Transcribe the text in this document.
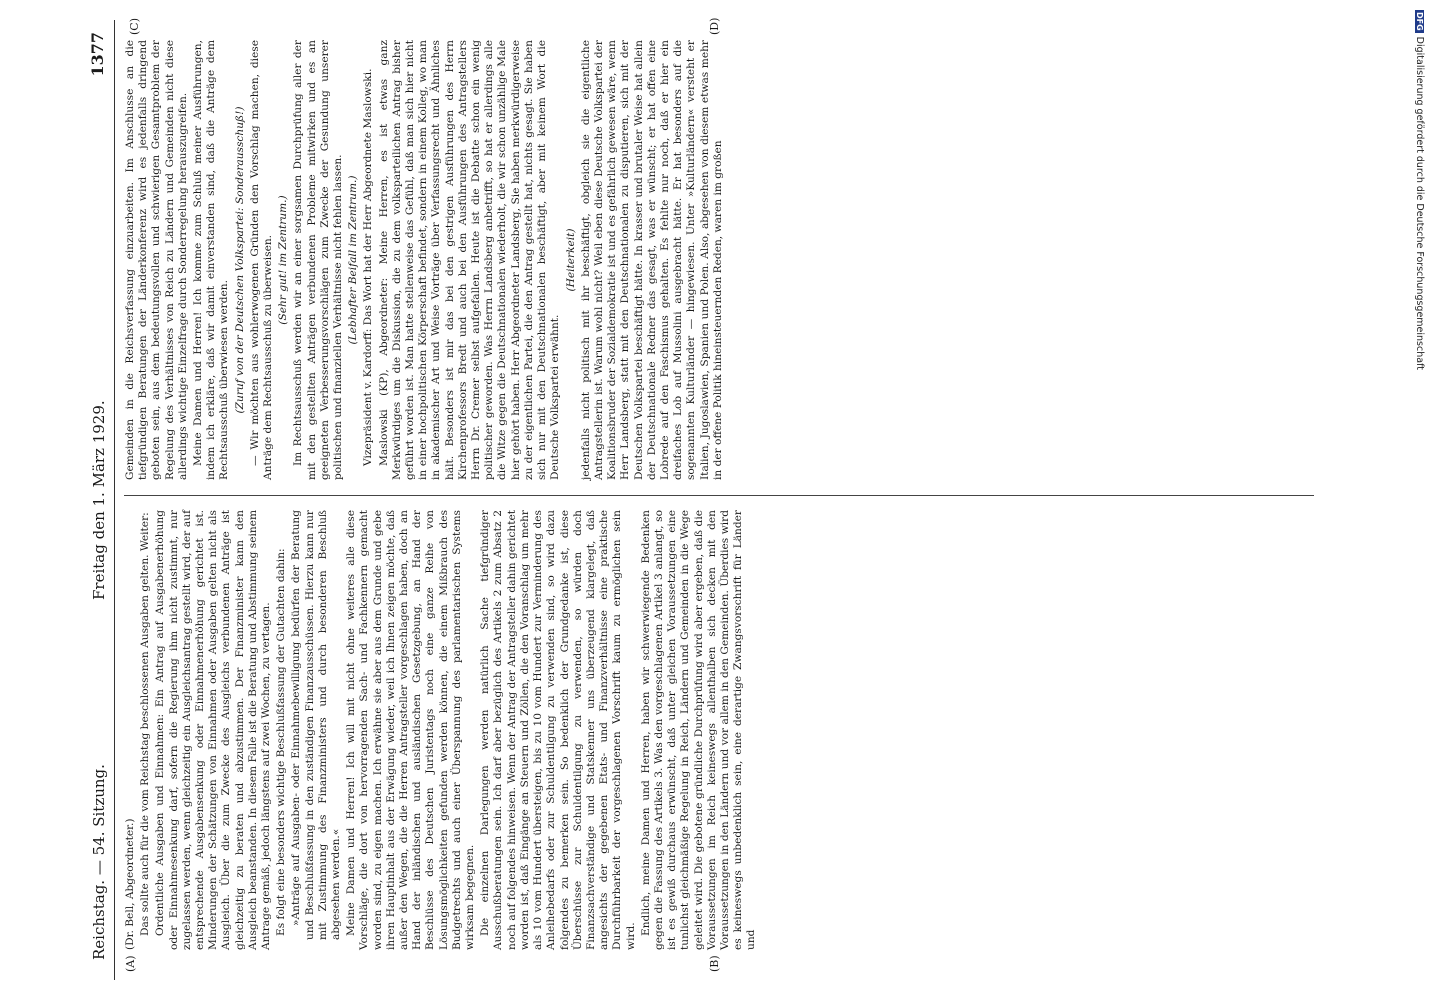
Reichstag. — 54. Sitzung.
Freitag den 1. März 1929.
1377

(Dr. Bell, Abgeordneter.) Das sollte auch für die vom Reichstag beschlossenen Ausgaben gelten. Weiter: Ordentliche Ausgaben und Einnahmen: Ein Antrag auf Ausgabenerhöhung oder Einnahmesenkung darf, sofern die Regierung ihm nicht zustimmt, nur zugelassen werden, wenn gleichzeitig ein Ausgleichsantrag gestellt wird, der auf entsprechende Ausgabensenkung oder Einnahmenerhöhung gerichtet ist. Minderungen der Schätzungen von Einnahmen oder Ausgaben gelten nicht als Ausgleich. Über die zum Zwecke des Ausgleichs verbundenen Anträge ist gleichzeitig zu beraten und abzustimmen. Der Finanzminister kann den Ausgleich beanstanden. In diesem Falle ist die Beratung und Abstimmung seinem Antrage gemäß, jedoch längstens auf zwei Wochen, zu vertagen. Es folgt eine besonders wichtige Beschlußfassung der Gutachten dahin: »Anträge auf Ausgaben- oder Einnahmebewilligung bedürfen der Beratung und Beschlußfassung in den zuständigen Finanzausschüssen. Hierzu kann nur mit Zustimmung des Finanzministers und durch besonderen Beschluß abgesehen werden.« Meine Damen und Herren! Ich will mit nicht ohne weiteres alle diese Vorschläge, die dort von hervorragenden Sach- und Fachkennern gemacht worden sind, zu eigen machen. Ich erwähne sie aber aus dem Grunde und gebe ihren Hauptinhalt aus der Erwägung wieder, weil ich Ihnen zeigen möchte, daß außer den Wegen, die die Herren Antragsteller vorgeschlagen haben, doch an Hand der inländischen und ausländischen Gesetzgebung, an Hand der Beschlüsse des Deutschen Juristentags noch eine ganze Reihe von Lösungsmöglichkeiten gefunden werden können, die einem Mißbrauch des Budgetrechts und auch einer Überspannung des parlamentarischen Systems wirksam begegnen. Die einzelnen Darlegungen werden natürlich Sache tiefgründiger Ausschußberatungen sein. Ich darf aber bezüglich des Artikels 2 zum Absatz 2 noch auf folgendes hinweisen. Wenn der Antrag der Antragsteller dahin gerichtet worden ist, daß Eingänge an Steuern und Zöllen, die den Voranschlag um mehr als 10 vom Hundert übersteigen, bis zu 10 vom Hundert zur Verminderung des Anleihebedarfs oder zur Schuldentilgung zu verwenden sind, so wird dazu folgendes zu bemerken sein. So bedenklich der Grundgedanke ist, diese Überschüsse zur Schuldentilgung zu verwenden, so würden doch Finanzsachverständige und Statskenner uns überzeugend klargelegt, daß angesichts der gegebenen Etats- und Finanzverhältnisse eine praktische Durchführbarkeit der vorgeschlagenen Vorschrift kaum zu ermöglichen sein wird.

Endlich, meine Damen und Herren, haben wir schwerwiegende Bedenken gegen die Fassung des Artikels 3. Was den vorgeschlagenen Artikel 3 anlangt, so ist es gewiß durchaus erwünscht, daß unter gleichen Voraussetzungen eine tunlichst gleichmäßige Regelung in Reich, Ländern und Gemeinden in die Wege geleitet wird. Die gebotene gründliche Durchprüfung wird aber ergeben, daß die Voraussetzungen im Reich keineswegs allenthalben sich decken mit den Voraussetzungen in den Ländern und vor allem in den Gemeinden. Überdies wird es keineswegs unbedenklich sein, eine derartige Zwangsvorschrift für Länder und

Gemeinden in die Reichsverfassung einzuarbeiten. Im Anschlusse an die tiefgründigen Beratungen der Länderkonferenz wird es jedenfalls dringend geboten sein, aus dem bedeutungsvollen und schwierigen Gesamtproblem der Regelung des Verhältnisses von Reich zu Ländern und Gemeinden nicht diese allerdings wichtige Einzelfrage durch Sonderregelung herauszugreifen. Meine Damen und Herren! Ich komme zum Schluß meiner Ausführungen, indem ich erkläre, daß wir damit einverstanden sind, daß die Anträge dem Rechtsausschuß überwiesen werden. (Zuruf von der Deutschen Volkspartei: Sonderausschuß!) — Wir möchten aus wohlerwogenen Gründen den Vorschlag machen, diese Anträge dem Rechtsausschuß zu überweisen. (Sehr gut! im Zentrum.) Im Rechtsausschuß werden wir an einer sorgsamen Durchprüfung aller der mit den gestellten Anträgen verbundenen Probleme mitwirken und es an geeigneten Verbesserungsvorschlägen zum Zwecke der Gesundung unserer politischen und finanziellen Verhältnisse nicht fehlen lassen. (Lebhafter Beifall im Zentrum.) Vizepräsident v. Kardorff: Das Wort hat der Herr Abgeordnete Maslowski. Maslowski (KP), Abgeordneter: Meine Herren, es ist etwas ganz Merkwürdiges um die Diskussion, die zu dem volksparteilichen Antrag bisher geführt worden ist. Man hatte stellenweise das Gefühl, daß man sich hier nicht in einer hochpolitischen Körperschaft befindet, sondern in einem Kolleg, wo man in akademischer Art und Weise Vorträge über Verfassungsrecht und Ähnliches hält. Besonders ist mir das bei den gestrigen Ausführungen des Herrn Kirchenprofessors Bredt und auch bei den Ausführungen des Antragstellers Herrn Dr. Cremer selbst aufgefallen. Heute ist die Debatte schon ein wenig politischer geworden. Was Herrn Landsberg anbetrifft, so hat er allerdings alle die Witze gegen die Deutschnationalen wiederholt, die wir schon unzählige Male hier gehört haben. Herr Abgeordneter Landsberg, Sie haben merkwürdigerweise zu der eigentlichen Partei, die den Antrag gestellt hat, nichts gesagt. Sie haben sich nur mit den Deutschnationalen beschäftigt, aber mit keinem Wort die Deutsche Volkspartei erwähnt.

(Heiterkeit) jedenfalls nicht politisch mit ihr beschäftigt, obgleich sie die eigentliche Antragstellerin ist. Warum wohl nicht? Weil eben diese Deutsche Volkspartei der Koalitionsbruder der Sozialdemokratie ist und es gefährlich gewesen wäre, wenn Herr Landsberg, statt mit den Deutschnationalen zu disputieren, sich mit der Deutschen Volkspartei beschäftigt hätte. In krasser und brutaler Weise hat allein der Deutschnationale Redner das gesagt, was er wünscht; er hat offen eine Lobrede auf den Faschismus gehalten. Es fehlte nur noch, daß er hier ein dreifaches Lob auf Mussolini ausgebracht hätte. Er hat besonders auf die sogenannten Kulturländer — hingewiesen. Unter »Kulturländern« versteht er Italien, Jugoslawien, Spanien und Polen. Also, abgesehen von diesem etwas mehr in der offene Politik hineinsteuernden Reden, waren im großen

(A)	(B)
(C)	(D)	DFGDigitalisierung gefördert durch die Deutsche Forschungsgemeinschaft
